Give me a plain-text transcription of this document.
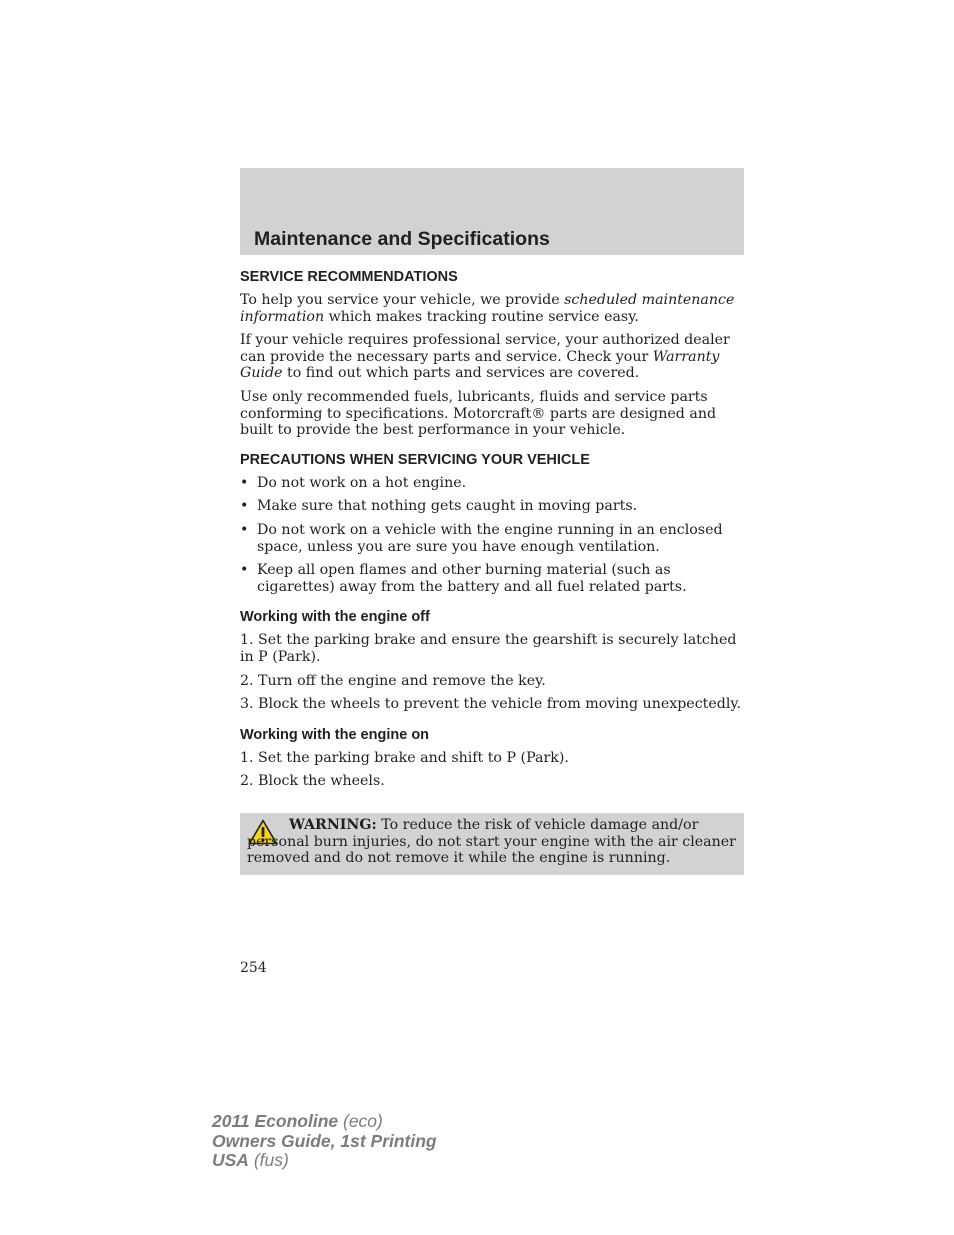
Maintenance and Specifications
SERVICE RECOMMENDATIONS

To help you service your vehicle, we provide scheduled maintenance information which makes tracking routine service easy.

If your vehicle requires professional service, your authorized dealer can provide the necessary parts and service. Check your Warranty Guide to find out which parts and services are covered.

Use only recommended fuels, lubricants, fluids and service parts conforming to specifications. Motorcraft® parts are designed and built to provide the best performance in your vehicle.

PRECAUTIONS WHEN SERVICING YOUR VEHICLE
• Do not work on a hot engine.
• Make sure that nothing gets caught in moving parts.
• Do not work on a vehicle with the engine running in an enclosed space, unless you are sure you have enough ventilation.
• Keep all open flames and other burning material (such as cigarettes) away from the battery and all fuel related parts.
Working with the engine off

1. Set the parking brake and ensure the gearshift is securely latched in P (Park).

2. Turn off the engine and remove the key.

3. Block the wheels to prevent the vehicle from moving unexpectedly.

Working with the engine on

1. Set the parking brake and shift to P (Park).

2. Block the wheels.

WARNING: To reduce the risk of vehicle damage and/or personal burn injuries, do not start your engine with the air cleaner removed and do not remove it while the engine is running.
254
2011 Econoline (eco)
Owners Guide, 1st Printing
USA (fus)
